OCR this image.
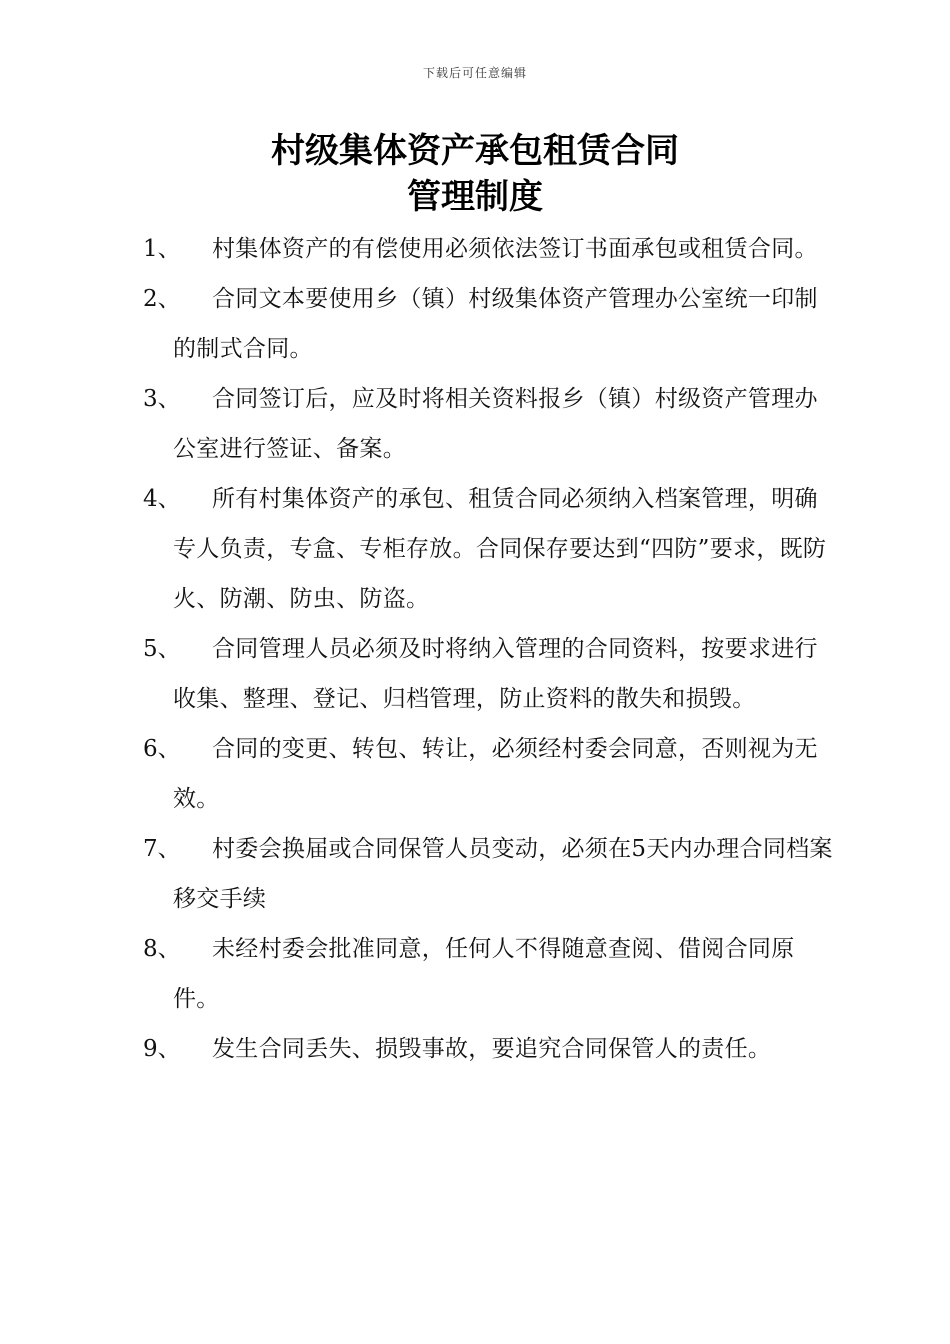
下载后可任意编辑
村级集体资产承包租赁合同
管理制度
1、	村集体资产的有偿使用必须依法签订书面承包或租赁合同。
2、	合同文本要使用乡（镇）村级集体资产管理办公室统一印制的制式合同。
3、	合同签订后，应及时将相关资料报乡（镇）村级资产管理办公室进行签证、备案。
4、	所有村集体资产的承包、租赁合同必须纳入档案管理，明确专人负责，专盒、专柜存放。合同保存要达到“四防”要求，既防火、防潮、防虫、防盗。
5、	合同管理人员必须及时将纳入管理的合同资料，按要求进行收集、整理、登记、归档管理，防止资料的散失和损毁。
6、	合同的变更、转包、转让，必须经村委会同意，否则视为无效。
7、	村委会换届或合同保管人员变动，必须在5天内办理合同档案移交手续
8、	未经村委会批准同意，任何人不得随意查阅、借阅合同原件。
9、	发生合同丢失、损毁事故，要追究合同保管人的责任。
